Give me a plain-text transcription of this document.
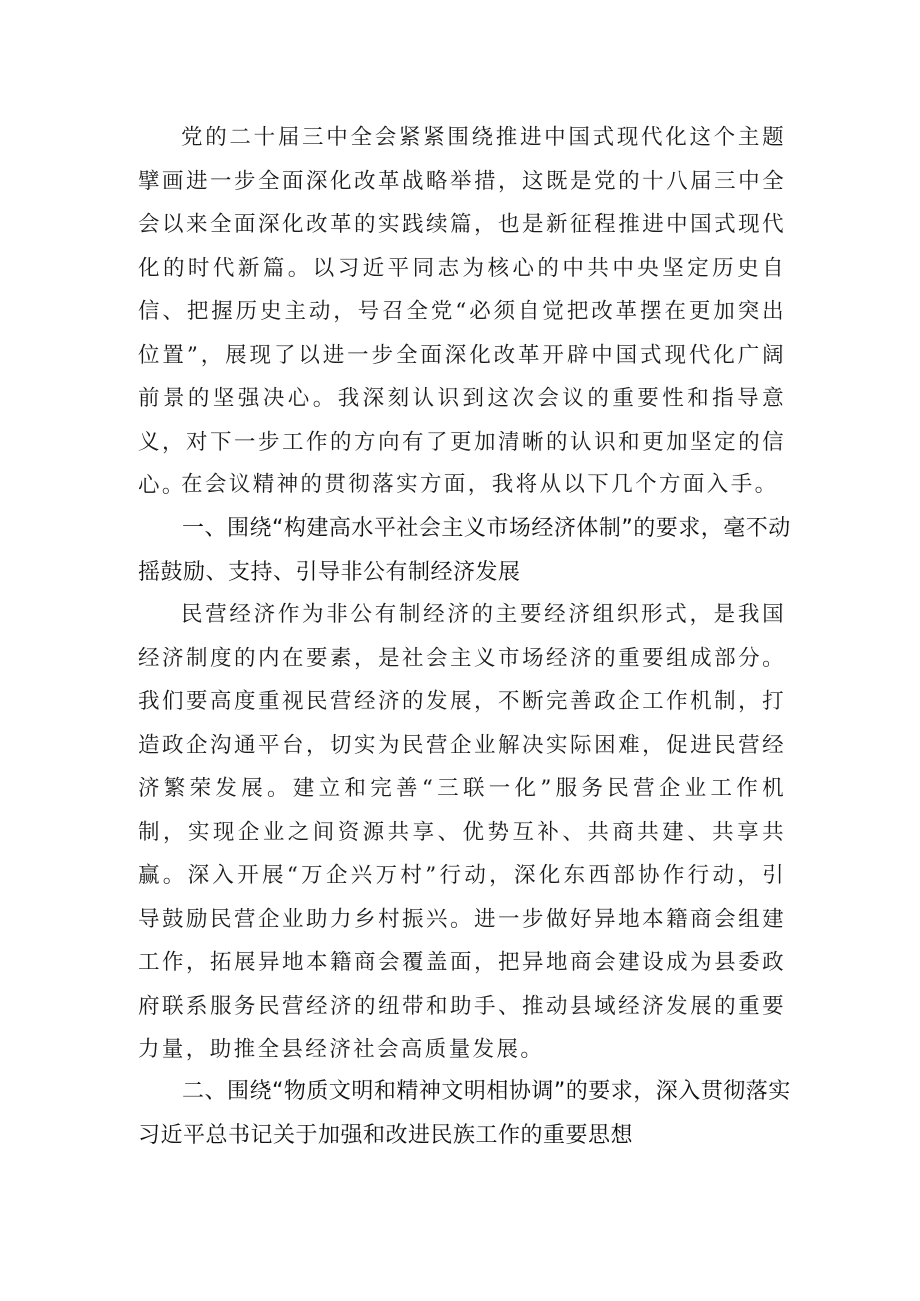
党的二十届三中全会紧紧围绕推进中国式现代化这个主题擘画进一步全面深化改革战略举措，这既是党的十八届三中全会以来全面深化改革的实践续篇，也是新征程推进中国式现代化的时代新篇。以习近平同志为核心的中共中央坚定历史自信、把握历史主动，号召全党“必须自觉把改革摆在更加突出位置”，展现了以进一步全面深化改革开辟中国式现代化广阔前景的坚强决心。我深刻认识到这次会议的重要性和指导意义，对下一步工作的方向有了更加清晰的认识和更加坚定的信心。

在会议精神的贯彻落实方面，我将从以下几个方面入手。

一、围绕“构建高水平社会主义市场经济体制”的要求，毫不动摇鼓励、支持、引导非公有制经济发展

民营经济作为非公有制经济的主要经济组织形式，是我国经济制度的内在要素，是社会主义市场经济的重要组成部分。我们要高度重视民营经济的发展，不断完善政企工作机制，打造政企沟通平台，切实为民营企业解决实际困难，促进民营经济繁荣发展。建立和完善“三联一化”服务民营企业工作机制，实现企业之间资源共享、优势互补、共商共建、共享共赢。深入开展“万企兴万村”行动，深化东西部协作行动，引导鼓励民营企业助力乡村振兴。进一步做好异地本籍商会组建工作，拓展异地本籍商会覆盖面，把异地商会建设成为县委政府联系服务民营经济的纽带和助手、推动县域经济发展的重要力量，助推全县经济社会高质量发展。

二、围绕“物质文明和精神文明相协调”的要求，深入贯彻落实习近平总书记关于加强和改进民族工作的重要思想
